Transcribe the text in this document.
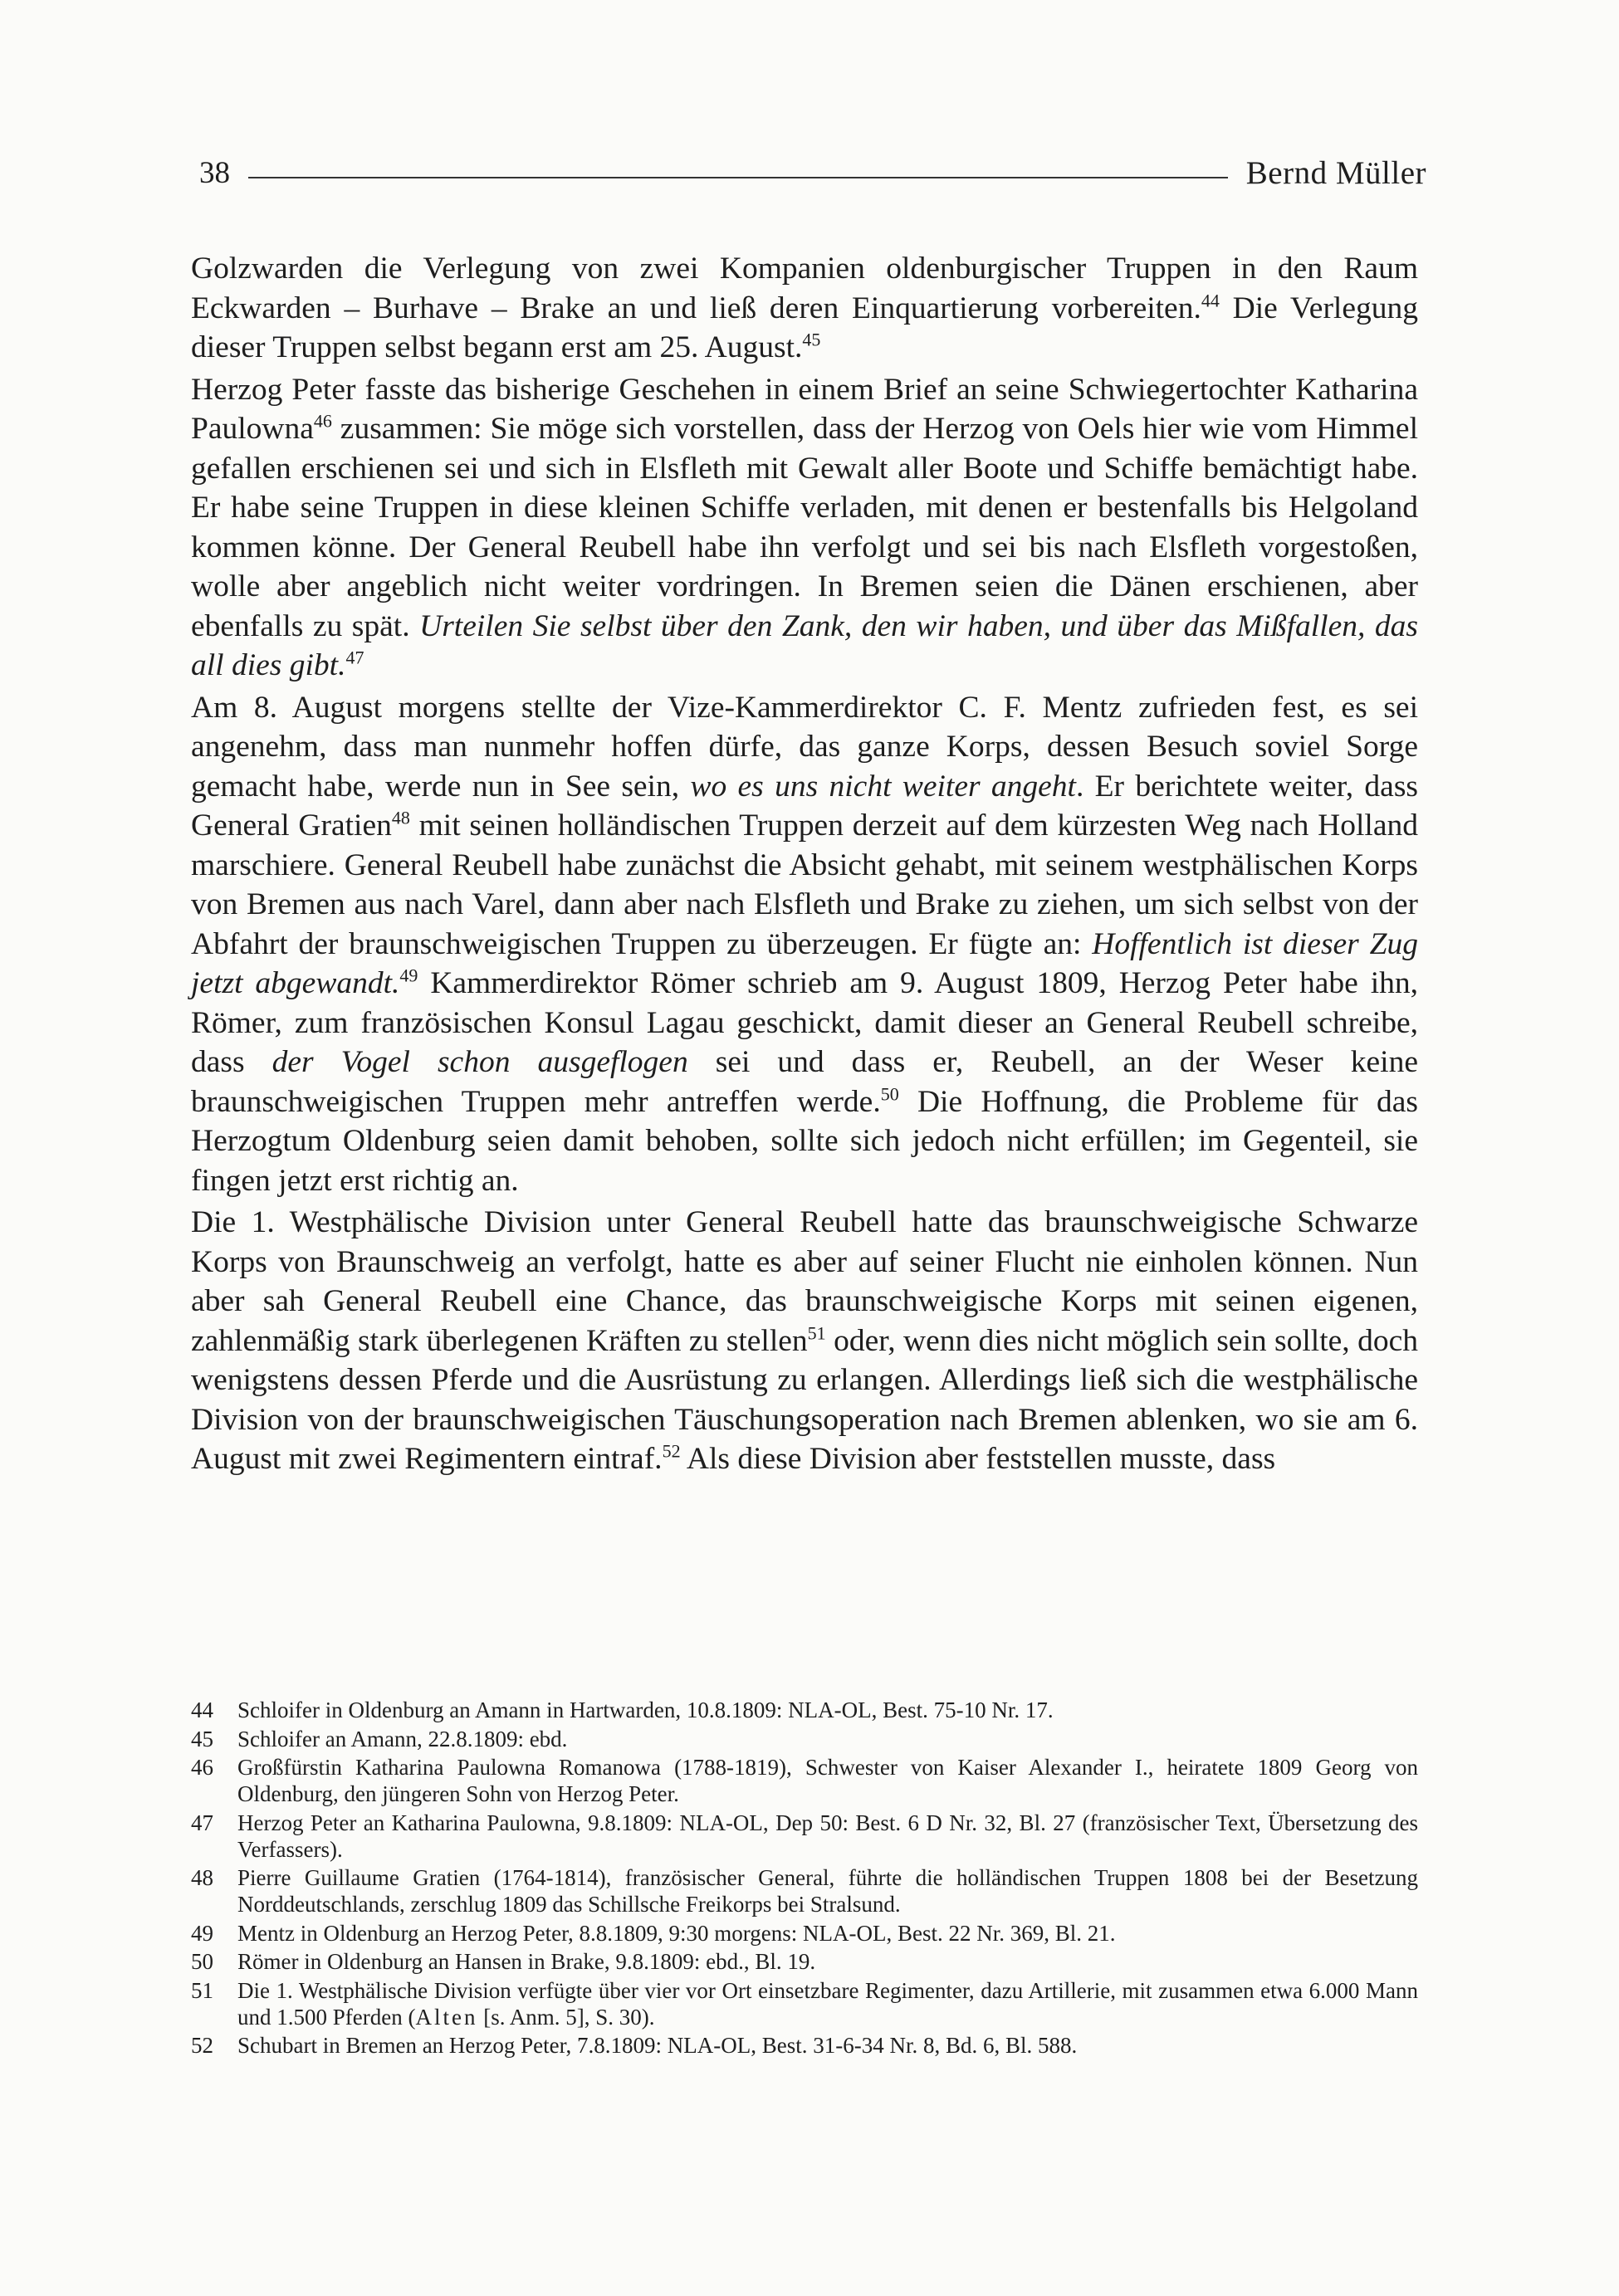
38	Bernd Müller

Golzwarden die Verlegung von zwei Kompanien oldenburgischer Truppen in den Raum Eckwarden – Burhave – Brake an und ließ deren Einquartierung vorbereiten.$^{44}$ Die Verlegung dieser Truppen selbst begann erst am 25. August.$^{45}$

Herzog Peter fasste das bisherige Geschehen in einem Brief an seine Schwiegertochter Katharina Paulowna$^{46}$ zusammen: Sie möge sich vorstellen, dass der Herzog von Oels hier wie vom Himmel gefallen erschienen sei und sich in Elsfleth mit Gewalt aller Boote und Schiffe bemächtigt habe. Er habe seine Truppen in diese kleinen Schiffe verladen, mit denen er bestenfalls bis Helgoland kommen könne. Der General Reubell habe ihn verfolgt und sei bis nach Elsfleth vorgestoßen, wolle aber angeblich nicht weiter vordringen. In Bremen seien die Dänen erschienen, aber ebenfalls zu spät. Urteilen Sie selbst über den Zank, den wir haben, und über das Mißfallen, das all dies gibt.$^{47}$

Am 8. August morgens stellte der Vize-Kammerdirektor C. F. Mentz zufrieden fest, es sei angenehm, dass man nunmehr hoffen dürfe, das ganze Korps, dessen Besuch soviel Sorge gemacht habe, werde nun in See sein, wo es uns nicht weiter angeht. Er berichtete weiter, dass General Gratien$^{48}$ mit seinen holländischen Truppen derzeit auf dem kürzesten Weg nach Holland marschiere. General Reubell habe zunächst die Absicht gehabt, mit seinem westphälischen Korps von Bremen aus nach Varel, dann aber nach Elsfleth und Brake zu ziehen, um sich selbst von der Abfahrt der braunschweigischen Truppen zu überzeugen. Er fügte an: Hoffentlich ist dieser Zug jetzt abgewandt.$^{49}$ Kammerdirektor Römer schrieb am 9. August 1809, Herzog Peter habe ihn, Römer, zum französischen Konsul Lagau geschickt, damit dieser an General Reubell schreibe, dass der Vogel schon ausgeflogen sei und dass er, Reubell, an der Weser keine braunschweigischen Truppen mehr antreffen werde.$^{50}$ Die Hoffnung, die Probleme für das Herzogtum Oldenburg seien damit behoben, sollte sich jedoch nicht erfüllen; im Gegenteil, sie fingen jetzt erst richtig an.

Die 1. Westphälische Division unter General Reubell hatte das braunschweigische Schwarze Korps von Braunschweig an verfolgt, hatte es aber auf seiner Flucht nie einholen können. Nun aber sah General Reubell eine Chance, das braunschweigische Korps mit seinen eigenen, zahlenmäßig stark überlegenen Kräften zu stellen$^{51}$ oder, wenn dies nicht möglich sein sollte, doch wenigstens dessen Pferde und die Ausrüstung zu erlangen. Allerdings ließ sich die westphälische Division von der braunschweigischen Täuschungsoperation nach Bremen ablenken, wo sie am 6. August mit zwei Regimentern eintraf.$^{52}$ Als diese Division aber feststellen musste, dass

44	Schloifer in Oldenburg an Amann in Hartwarden, 10.8.1809: NLA-OL, Best. 75-10 Nr. 17.
45	Schloifer an Amann, 22.8.1809: ebd.
46	Großfürstin Katharina Paulowna Romanowa (1788-1819), Schwester von Kaiser Alexander I., heiratete 1809 Georg von Oldenburg, den jüngeren Sohn von Herzog Peter.
47	Herzog Peter an Katharina Paulowna, 9.8.1809: NLA-OL, Dep 50: Best. 6 D Nr. 32, Bl. 27 (französischer Text, Übersetzung des Verfassers).
48	Pierre Guillaume Gratien (1764-1814), französischer General, führte die holländischen Truppen 1808 bei der Besetzung Norddeutschlands, zerschlug 1809 das Schillsche Freikorps bei Stralsund.
49	Mentz in Oldenburg an Herzog Peter, 8.8.1809, 9:30 morgens: NLA-OL, Best. 22 Nr. 369, Bl. 21.
50	Römer in Oldenburg an Hansen in Brake, 9.8.1809: ebd., Bl. 19.
51	Die 1. Westphälische Division verfügte über vier vor Ort einsetzbare Regimenter, dazu Artillerie, mit zusammen etwa 6.000 Mann und 1.500 Pferden (Alten [s. Anm. 5], S. 30).
52	Schubart in Bremen an Herzog Peter, 7.8.1809: NLA-OL, Best. 31-6-34 Nr. 8, Bd. 6, Bl. 588.
